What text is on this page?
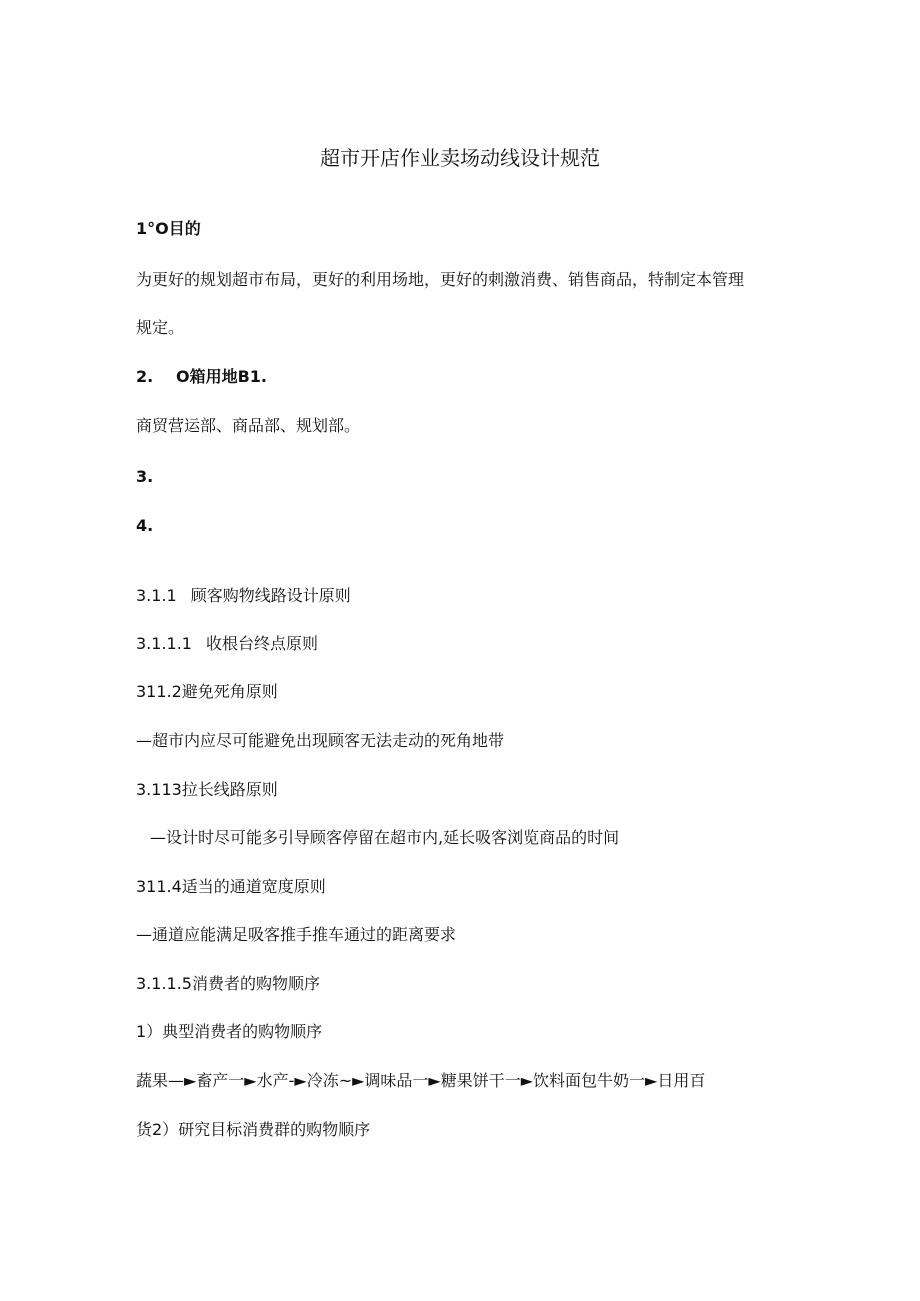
超市开店作业卖场动线设计规范
1°O目的
为更好的规划超市布局，更好的利用场地，更好的刺激消费、销售商品，特制定本管理
规定。
2. O箱用地B1.
商贸营运部、商品部、规划部。
3.
4.
3.1.1 顾客购物线路设计原则
3.1.1.1 收根台终点原则
311.2避免死角原则
—超市内应尽可能避免出现顾客无法走动的死角地带
3.113拉长线路原则
—设计时尽可能多引导顾客停留在超市内,延长吸客浏览商品的时间
311.4适当的通道宽度原则
—通道应能满足吸客推手推车通过的距离要求
3.1.1.5消费者的购物顺序
1）典型消费者的购物顺序
蔬果—►畜产一►水产-►冷冻~►调味品一►糖果饼干一►饮料面包牛奶一►日用百
货2）研究目标消费群的购物顺序
